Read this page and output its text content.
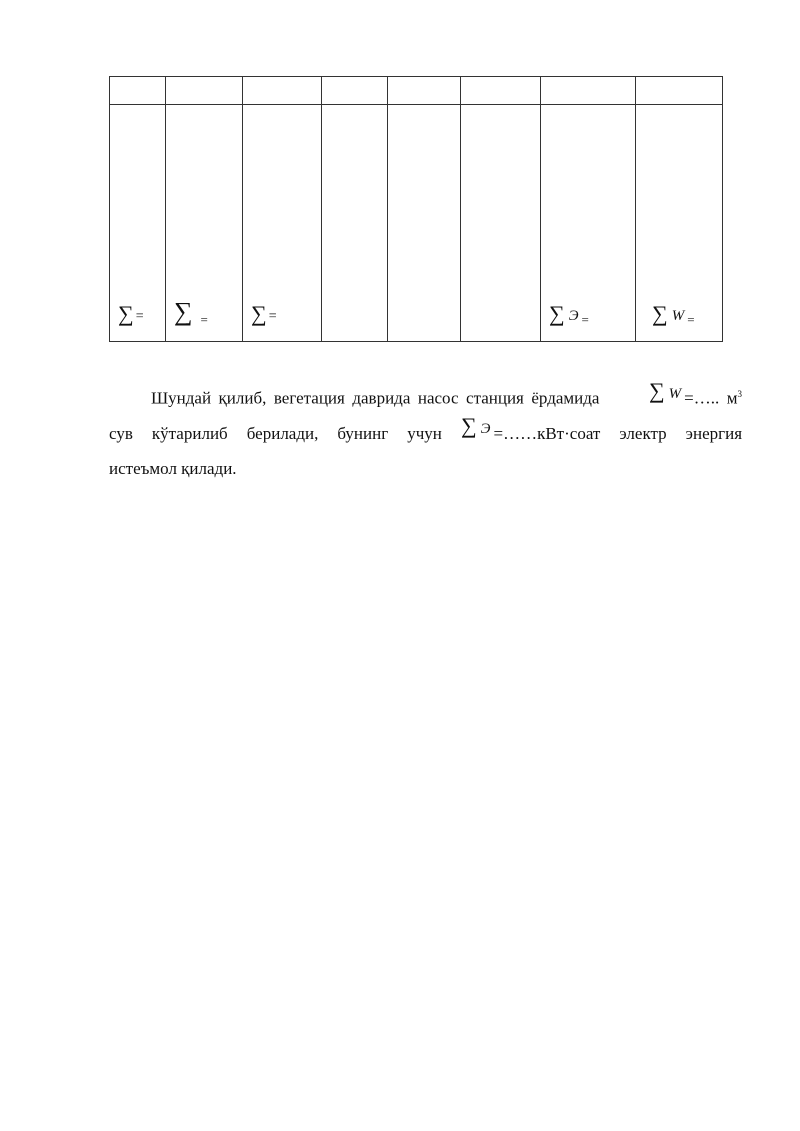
∑ =	∑ =	∑ =				∑ Э =	∑ W =
Шундай қилиб, вегетация даврида насос станция ёрдамида ∑ W =….. $м^3$
сув кўтарилиб берилади, бунинг учун ∑ Э =……кВт·соат электр энергия
истеъмол қилади.
